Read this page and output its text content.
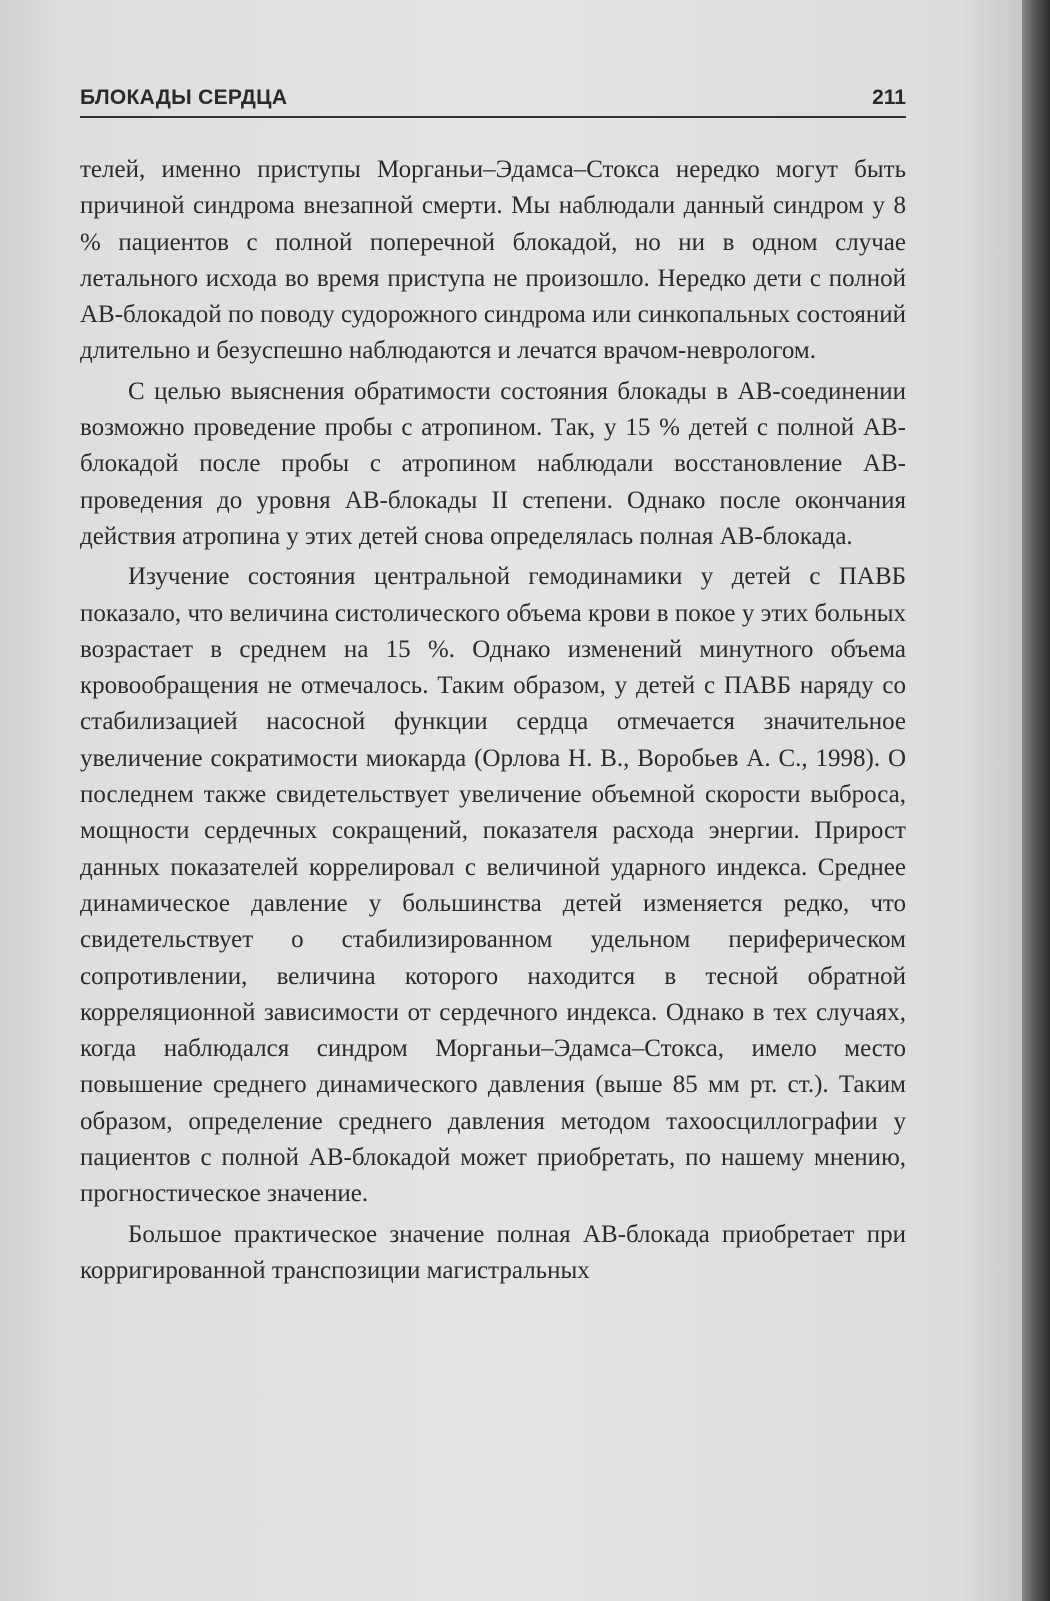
БЛОКАДЫ СЕРДЦА	211

телей, именно приступы Морганьи–Эдамса–Стокса нередко могут быть причиной синдрома внезапной смерти. Мы наблюдали данный синдром у 8 % пациентов с полной поперечной блокадой, но ни в одном случае летального исхода во время приступа не произошло. Нередко дети с полной АВ-блокадой по поводу судорожного синдрома или синкопальных состояний длительно и безуспешно наблюдаются и лечатся врачом-неврологом.

С целью выяснения обратимости состояния блокады в АВ-соединении возможно проведение пробы с атропином. Так, у 15 % детей с полной АВ-блокадой после пробы с атропином наблюдали восстановление АВ-проведения до уровня АВ-блокады II степени. Однако после окончания действия атропина у этих детей снова определялась полная АВ-блокада.

Изучение состояния центральной гемодинамики у детей с ПАВБ показало, что величина систолического объема крови в покое у этих больных возрастает в среднем на 15 %. Однако изменений минутного объема кровообращения не отмечалось. Таким образом, у детей с ПАВБ наряду со стабилизацией насосной функции сердца отмечается значительное увеличение сократимости миокарда (Орлова Н. В., Воробьев А. С., 1998). О последнем также свидетельствует увеличение объемной скорости выброса, мощности сердечных сокращений, показателя расхода энергии. Прирост данных показателей коррелировал с величиной ударного индекса. Среднее динамическое давление у большинства детей изменяется редко, что свидетельствует о стабилизированном удельном периферическом сопротивлении, величина которого находится в тесной обратной корреляционной зависимости от сердечного индекса. Однако в тех случаях, когда наблюдался синдром Морганьи–Эдамса–Стокса, имело место повышение среднего динамического давления (выше 85 мм рт. ст.). Таким образом, определение среднего давления методом тахоосциллографии у пациентов с полной АВ-блокадой может приобретать, по нашему мнению, прогностическое значение.

Большое практическое значение полная АВ-блокада приобретает при корригированной транспозиции магистральных
